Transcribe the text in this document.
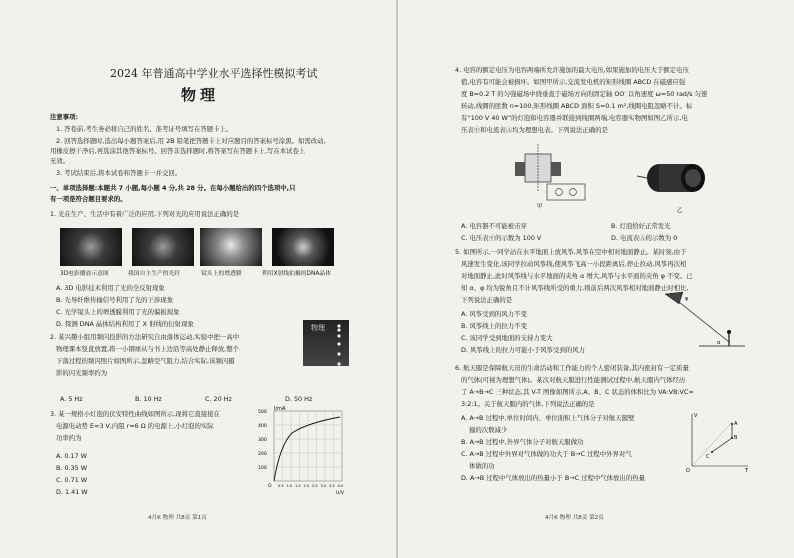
2024 年普通高中学业水平选择性模拟考试
物理
注意事项:
1. 答卷前,考生务必将自己的姓名、准考证号填写在答题卡上。
2. 回答选择题时,选出每小题答案后,用 2B 铅笔把答题卡上对应题目的答案标号涂黑。如需改动,
用橡皮擦干净后,再选涂其他答案标号。回答非选择题时,将答案写在答题卡上,写在本试卷上
无效。
3. 考试结束后,将本试卷和答题卡一并交回。
一、单项选择题:本题共 7 小题,每小题 4 分,共 28 分。在每小题给出的四个选项中,只
有一项是符合题目要求的。
1. 光在生产、生活中有着广泛的应用,下列对光的应用说法正确的是
3D电影播放示意图	我国自主生产的光纤	镜头上的增透膜	利用X射线拍摄的DNA晶体
A. 3D 电影技术利用了光的全反射现象
B. 光导纤维传输信号利用了光的干涉现象
C. 光学镜头上的增透膜利用了光的偏振现象
D. 探测 DNA 晶体结构利用了 X 射线的衍射现象
2. 某兴趣小组用频闪投影的方法研究自由落体运动,实验中把一高中
物理课本竖直放置,将一小钢球从与书上边沿等高处静止释放,整个
下落过程的频闪照片如图所示,忽略空气阻力,结合实际,该频闪摄
影的闪光频率约为
物理
A. 5 Hz	B. 10 Hz	C. 20 Hz	D. 50 Hz
3. 某一规格小灯泡的伏安特性曲线如图所示,现将它直接接在
电源电动势 E=3 V,内阻 r=6 Ω 的电源上,小灯泡的实际
功率约为
A. 0.17 W
B. 0.35 W
C. 0.71 W
D. 1.41 W
I/mA
500
400
300
200
100
O 0.5 1.0 1.5 2.0 2.5 3.0 3.5 4.0
U/V
4月K 物理 共8页 第1页
4. 电容的额定电压为电容两端所允许施加的最大电压,如果施加的电压大于额定电压
值,电容有可能会被损坏。如图甲所示,交流发电机的矩形线圈 ABCD 在磁感应强
度 B=0.2 T 的匀强磁场中绕垂直于磁场方向的固定轴 OO′ 以角速度 ω=50 rad/s 匀速
转动,线圈的匝数 n=100,矩形线圈 ABCD 面积 S=0.1 m²,线圈电阻忽略不计。标
有“100 V 40 W”的灯泡和电容器并联接到线圈两端,电容器实物图如图乙所示,电
压表Ⓥ和电流表Ⓐ均为理想电表。下列说法正确的是
甲
乙
A. 电容器不可能被击穿	B. 灯泡恰好正常发光
C. 电压表Ⓥ的示数为 100 V	D. 电流表Ⓐ的示数为 0
5. 如图所示,一同学站在水平地面上放风筝,风筝在空中相对地面静止。某时刻,由于
风速发生变化,该同学拉动风筝线,使风筝飞高一小段距离后,停止拉动,风筝再次相
对地面静止,此时风筝线与水平地面的夹角 α 增大,风筝与水平面的夹角 φ 不变。已
知 α、φ 均为锐角且不计风筝线所受的重力,则前后两次风筝相对地面静止时相比,
下列说法正确的是
A. 风筝受到的风力不变
B. 风筝线上的拉力不变
C. 该同学受到地面的支持力变大
D. 风筝线上的拉力可能小于风筝受到的风力
φ
α
6. 航天服是保障航天员的生命活动和工作能力的个人密闭装备,其内密封有一定质量
的气体(可视为理想气体)。某次对航天服进行性能测试过程中,航天服内气体经历
了 A→B→C 三种状态,其 V-T 图像如图所示,A、B、C 状态的体积比为 VA:VB:VC=
3:2:1。关于航天服内的气体,下列说法正确的是
A. A→B 过程中,单位时间内、单位面积上气体分子对航天服壁
撞的次数减少
B. A→B 过程中,外界气体分子对航天服做功
C. A→B 过程中外界对气体做的功大于 B→C 过程中外界对气
体做的功
D. A→B 过程中气体放出的热量小于 B→C 过程中气体放出的热量
A
B
C
V
T
O
4月K 物理 共8页 第2页
